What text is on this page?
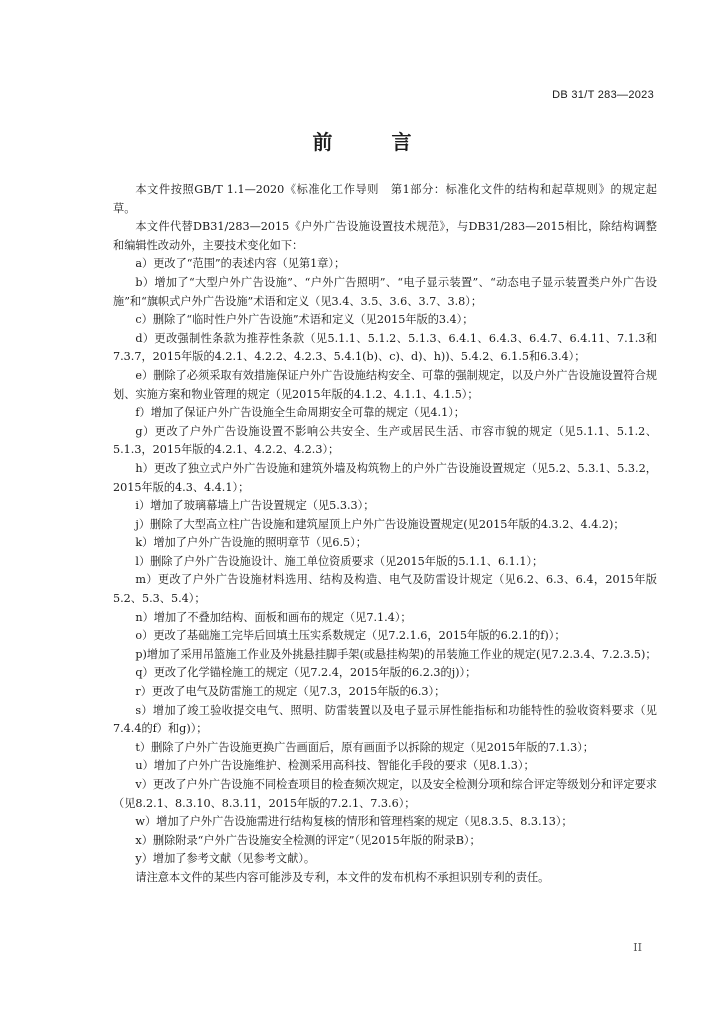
DB 31/T 283—2023
前 言

本文件按照GB/T 1.1—2020《标准化工作导则　第1部分：标准化文件的结构和起草规则》的规定起草。

本文件代替DB31/283—2015《户外广告设施设置技术规范》，与DB31/283—2015相比，除结构调整和编辑性改动外，主要技术变化如下：

a）更改了“范围”的表述内容（见第1章）；

b）增加了“大型户外广告设施”、“户外广告照明”、“电子显示装置”、“动态电子显示装置类户外广告设施”和“旗帜式户外广告设施”术语和定义（见3.4、3.5、3.6、3.7、3.8）；

c）删除了“临时性户外广告设施”术语和定义（见2015年版的3.4）；

d）更改强制性条款为推荐性条款（见5.1.1、5.1.2、5.1.3、6.4.1、6.4.3、6.4.7、6.4.11、7.1.3和7.3.7，2015年版的4.2.1、4.2.2、4.2.3、5.4.1(b)、c)、d)、h))、5.4.2、6.1.5和6.3.4）；

e）删除了必须采取有效措施保证户外广告设施结构安全、可靠的强制规定，以及户外广告设施设置符合规划、实施方案和物业管理的规定（见2015年版的4.1.2、4.1.1、4.1.5）；

f）增加了保证户外广告设施全生命周期安全可靠的规定（见4.1）；

g）更改了户外广告设施设置不影响公共安全、生产或居民生活、市容市貌的规定（见5.1.1、5.1.2、5.1.3，2015年版的4.2.1、4.2.2、4.2.3）；

h）更改了独立式户外广告设施和建筑外墙及构筑物上的户外广告设施设置规定（见5.2、5.3.1、5.3.2，2015年版的4.3、4.4.1）；

i）增加了玻璃幕墙上广告设置规定（见5.3.3）；

j）删除了大型高立柱广告设施和建筑屋顶上户外广告设施设置规定(见2015年版的4.3.2、4.4.2)；

k）增加了户外广告设施的照明章节（见6.5）；

l）删除了户外广告设施设计、施工单位资质要求（见2015年版的5.1.1、6.1.1）；

m）更改了户外广告设施材料选用、结构及构造、电气及防雷设计规定（见6.2、6.3、6.4，2015年版5.2、5.3、5.4）；

n）增加了不叠加结构、面板和画布的规定（见7.1.4）；

o）更改了基础施工完毕后回填土压实系数规定（见7.2.1.6，2015年版的6.2.1的f)）；

p)增加了采用吊篮施工作业及外挑悬挂脚手架(或悬挂构架)的吊装施工作业的规定(见7.2.3.4、7.2.3.5)；

q）更改了化学锚栓施工的规定（见7.2.4，2015年版的6.2.3的j)）；

r）更改了电气及防雷施工的规定（见7.3，2015年版的6.3）；

s）增加了竣工验收提交电气、照明、防雷装置以及电子显示屏性能指标和功能特性的验收资料要求（见7.4.4的f）和g)）；

t）删除了户外广告设施更换广告画面后，原有画面予以拆除的规定（见2015年版的7.1.3）；

u）增加了户外广告设施维护、检测采用高科技、智能化手段的要求（见8.1.3）；

v）更改了户外广告设施不同检查项目的检查频次规定，以及安全检测分项和综合评定等级划分和评定要求（见8.2.1、8.3.10、8.3.11，2015年版的7.2.1、7.3.6）；

w）增加了户外广告设施需进行结构复核的情形和管理档案的规定（见8.3.5、8.3.13）；

x）删除附录“户外广告设施安全检测的评定”（见2015年版的附录B）；

y）增加了参考文献（见参考文献）。

请注意本文件的某些内容可能涉及专利，本文件的发布机构不承担识别专利的责任。

II
